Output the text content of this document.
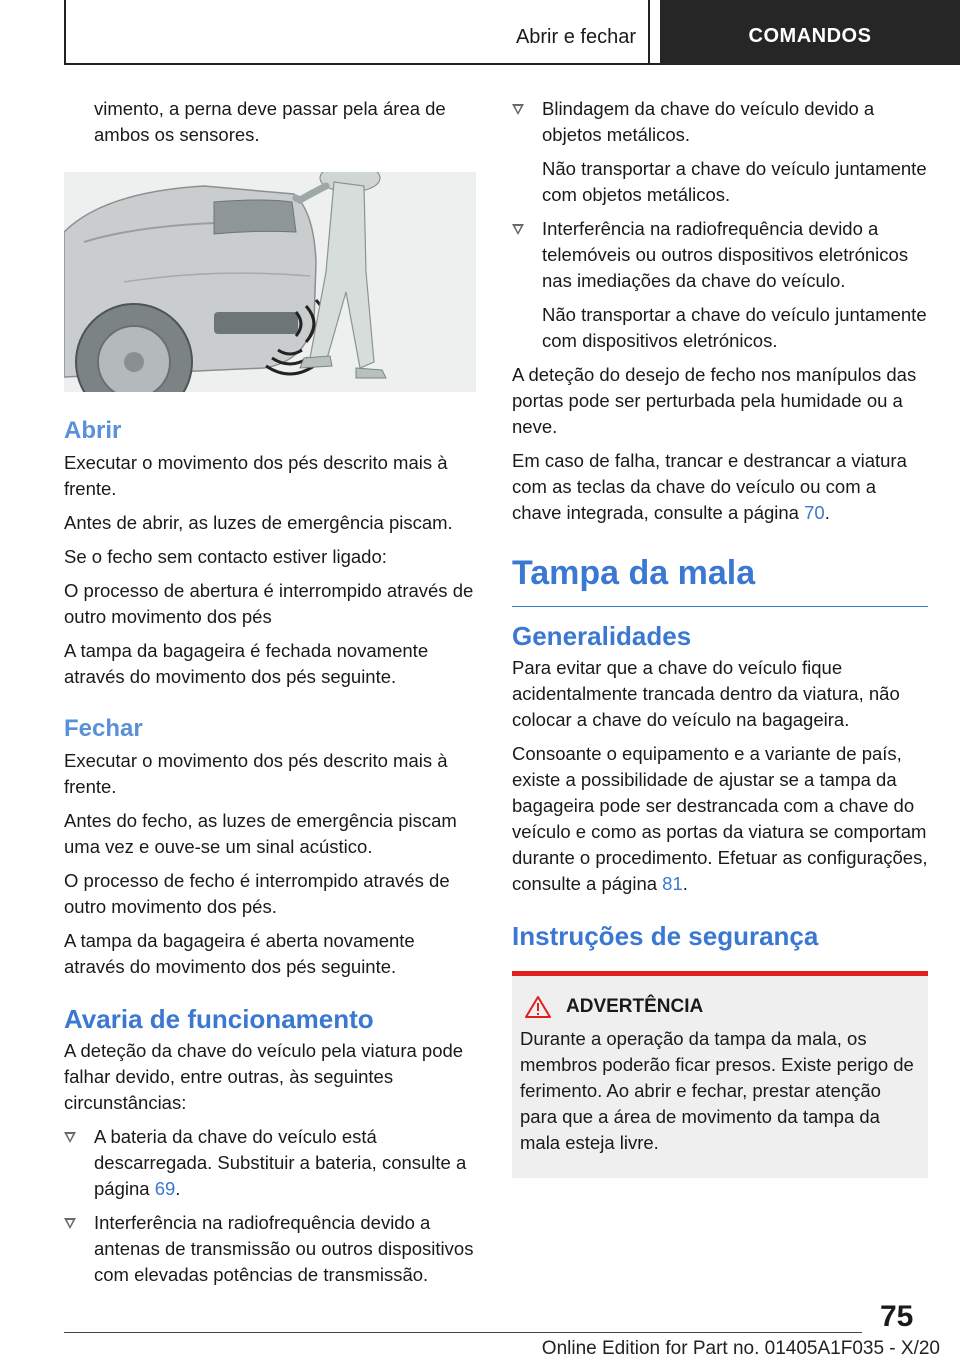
Abrir e fechar	COMANDOS

vimento, a perna deve passar pela área de ambos os sensores.

Abrir

Executar o movimento dos pés descrito mais à frente.

Antes de abrir, as luzes de emergência piscam.

Se o fecho sem contacto estiver ligado:

O processo de abertura é interrompido através de outro movimento dos pés

A tampa da bagageira é fechada novamente através do movimento dos pés seguinte.

Fechar

Executar o movimento dos pés descrito mais à frente.

Antes do fecho, as luzes de emergência piscam uma vez e ouve-se um sinal acústico.

O processo de fecho é interrompido através de outro movimento dos pés.

A tampa da bagageira é aberta novamente através do movimento dos pés seguinte.

Avaria de funcionamento

A deteção da chave do veículo pela viatura pode falhar devido, entre outras, às seguintes circunstâncias:

A bateria da chave do veículo está descarregada. Substituir a bateria, consulte a página 69.
Interferência na radiofrequência devido a antenas de transmissão ou outros dispositivos com elevadas potências de transmissão.
Blindagem da chave do veículo devido a objetos metálicos.
Não transportar a chave do veículo juntamente com objetos metálicos.
Interferência na radiofrequência devido a telemóveis ou outros dispositivos eletrónicos nas imediações da chave do veículo.
Não transportar a chave do veículo juntamente com dispositivos eletrónicos.

A deteção do desejo de fecho nos manípulos das portas pode ser perturbada pela humidade ou a neve.

Em caso de falha, trancar e destrancar a viatura com as teclas da chave do veículo ou com a chave integrada, consulte a página 70.

Tampa da mala
Generalidades

Para evitar que a chave do veículo fique acidentalmente trancada dentro da viatura, não colocar a chave do veículo na bagageira.

Consoante o equipamento e a variante de país, existe a possibilidade de ajustar se a tampa da bagageira pode ser destrancada com a chave do veículo e como as portas da viatura se comportam durante o procedimento. Efetuar as configurações, consulte a página 81.

Instruções de segurança
ADVERTÊNCIA
Durante a operação da tampa da mala, os membros poderão ficar presos. Existe perigo de ferimento. Ao abrir e fechar, prestar atenção para que a área de movimento da tampa da mala esteja livre.
75
Online Edition for Part no. 01405A1F035 - X/20
